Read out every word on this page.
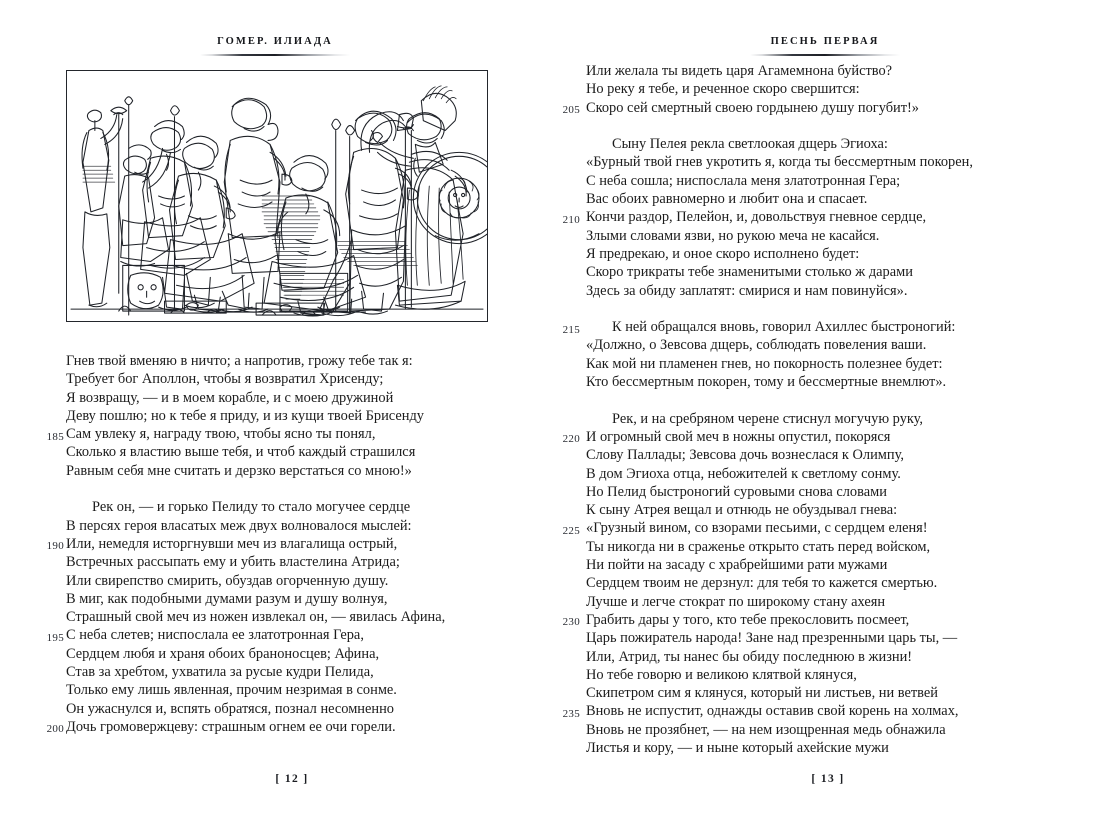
ГОМЕР. ИЛИАДА
Гнев твой вменяю в ничто; а напротив, грожу тебе так я:
Требует бог Аполлон, чтобы я возвратил Хрисенду;
Я возвращу, — и в моем корабле, и с моею дружиной
Деву пошлю; но к тебе я приду, и из кущи твоей Брисенду
185 Сам увлеку я, награду твою, чтобы ясно ты понял,
Сколько я властию выше тебя, и чтоб каждый страшился
Равным себя мне считать и дерзко верстаться со мною!»
Рек он, — и горько Пелиду то стало могучее сердце
В персях героя власатых меж двух волновалося мыслей:
190 Или, немедля исторгнувши меч из влагалища острый,
Встречных рассыпать ему и убить властелина Атрида;
Или свирепство смирить, обуздав огорченную душу.
В миг, как подобными думами разум и душу волнуя,
Страшный свой меч из ножен извлекал он, — явилась Афина,
195 С неба слетев; ниспослала ее златотронная Гера,
Сердцем любя и храня обоих браноносцев; Афина,
Став за хребтом, ухватила за русые кудри Пелида,
Только ему лишь явленная, прочим незримая в сонме.
Он ужаснулся и, вспять обратяся, познал несомненно
200 Дочь громовержцеву: страшным огнем ее очи горели.
[ 12 ]
ПЕСНЬ ПЕРВАЯ
Или желала ты видеть царя Агамемнона буйство?
Но реку я тебе, и реченное скоро свершится:
205 Скоро сей смертный своею гордынею душу погубит!»
Сыну Пелея рекла светлоокая дщерь Эгиоха:
«Бурный твой гнев укротить я, когда ты бессмертным покорен,
С неба сошла; ниспослала меня златотронная Гера;
Вас обоих равномерно и любит она и спасает.
210 Кончи раздор, Пелейон, и, довольствуя гневное сердце,
Злыми словами язви, но рукою меча не касайся.
Я предрекаю, и оное скоро исполнено будет:
Скоро трикраты тебе знаменитыми столько ж дарами
Здесь за обиду заплатят: смирися и нам повинуйся».
215 К ней обращался вновь, говорил Ахиллес быстроногий:
«Должно, о Зевсова дщерь, соблюдать повеления ваши.
Как мой ни пламенен гнев, но покорность полезнее будет:
Кто бессмертным покорен, тому и бессмертные внемлют».
Рек, и на сребряном черене стиснул могучую руку,
220 И огромный свой меч в ножны опустил, покоряся
Слову Паллады; Зевсова дочь вознеслася к Олимпу,
В дом Эгиоха отца, небожителей к светлому сонму.
Но Пелид быстроногий суровыми снова словами
К сыну Атрея вещал и отнюдь не обуздывал гнева:
225 «Грузный вином, со взорами песьими, с сердцем еленя!
Ты никогда ни в сраженье открыто стать перед войском,
Ни пойти на засаду с храбрейшими рати мужами
Сердцем твоим не дерзнул: для тебя то кажется смертью.
Лучше и легче стократ по широкому стану ахеян
230 Грабить дары у того, кто тебе прекословить посмеет,
Царь пожиратель народа! Зане над презренными царь ты, —
Или, Атрид, ты нанес бы обиду последнюю в жизни!
Но тебе говорю и великою клятвой клянуся,
Скипетром сим я клянуся, который ни листьев, ни ветвей
235 Вновь не испустит, однажды оставив свой корень на холмах,
Вновь не прозябнет, — на нем изощренная медь обнажила
Листья и кору, — и ныне который ахейские мужи
[ 13 ]
